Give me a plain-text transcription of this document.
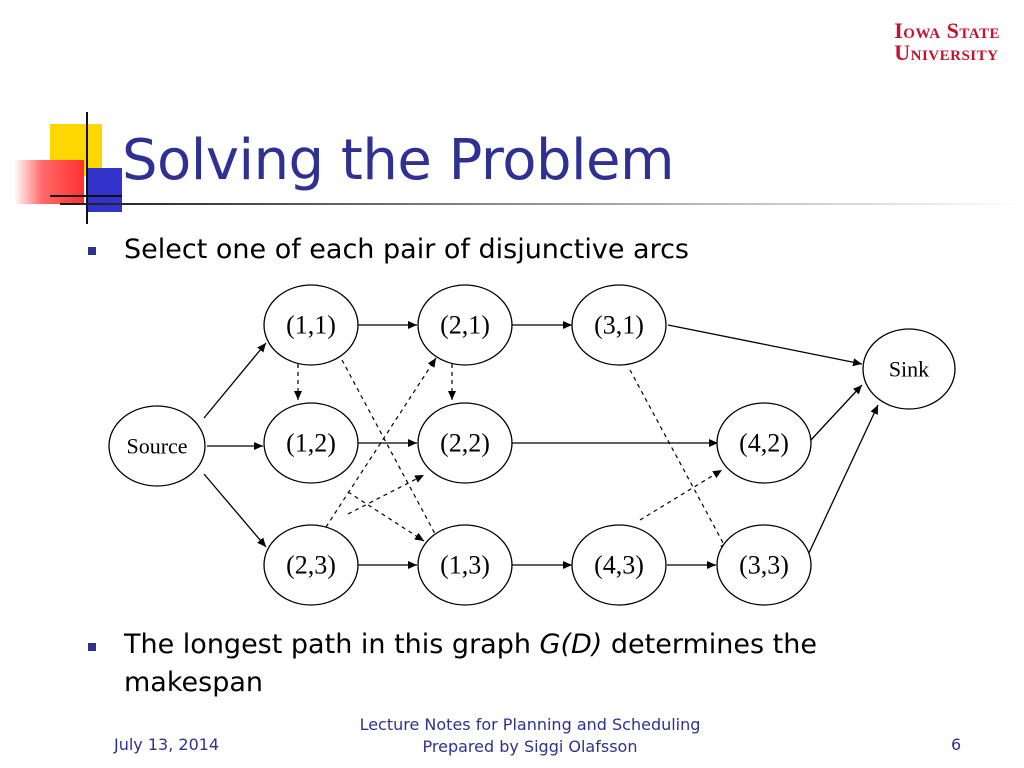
Iowa State
University
Solving the Problem
Select one of each pair of disjunctive arcs
Source
Sink
(1,1)	(2,1)	(3,1)
(1,2)	(2,2)	(4,2)
(2,3)	(1,3)	(4,3)	(3,3)
The longest path in this graph G(D) determines the
makespan
July 13, 2014
Lecture Notes for Planning and Scheduling
Prepared by Siggi Olafsson	6
